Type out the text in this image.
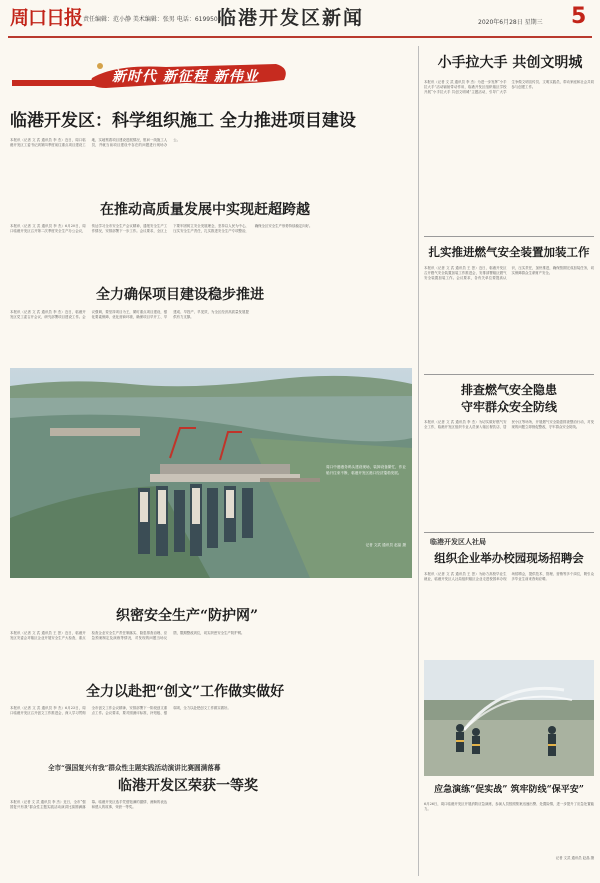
周口日报 责任编辑：范小静 美术编辑：张男 电话：6199503
临港开发区新闻	2020年6月28日 星期三 5
新时代 新征程 新伟业
临港开发区：科学组织施工 全力推进项目建设
本报讯（记者 文 武 通讯员 李 杰）近日，周口临港开发区工委书记到第四季度前往重点项目建设工地，实地察看项目建设进展情况，慰问一线施工人员，并就当前项目建设中存在的问题进行现场办公。
在推动高质量发展中实现赶超跨越
本报讯（记者 文 武 通讯员 李 杰）6月20日，周口临港开发区召开第二次季度安全生产办公会议，传达学习全市安全生产会议精神，通报安全生产工作情况，安排部署下一步工作。会议要求，全区上下要牢固树立安全发展理念，坚持以人民为中心，压实安全生产责任，扎实推进安全生产专项整治，确保全区安全生产形势持续稳定向好。
全力确保项目建设稳步推进
本报讯（记者 文 武 通讯员 李 杰）近日，临港开发区党工委召开会议，研究部署项目建设工作。会议强调，要坚持项目为王，紧盯重点项目建设，强化要素保障，优化营商环境，确保项目早开工、早建成、早投产、早见效，为全区经济高质量发展提供有力支撑。
周口中港港务码头建设现场，装卸设备繁忙，作业船只往来不断，临港开发区港口经济蓬勃发展。
记者 文武 通讯员 赵晶 摄
织密安全生产“防护网”
本报讯（记者 文 武 通讯员 王 荟）近日，临港开发区安委会对辖区企业开展安全生产大检查，重点检查企业安全生产责任制落实、隐患排查治理、应急预案制定及演练等情况，对发现的问题当场反馈，限期整改到位，切实织密安全生产防护网。
全力以赴把“创文”工作做实做好
本报讯（记者 文 武 通讯员 李 杰）6月23日，周口临港开发区召开创文工作推进会，深入学习贯彻全市创文工作会议精神，安排部署下一阶段创文重点工作。会议要求，要对照测评标准，补短板、强弱项，全力以赴把创文工作做实做好。
全市“强国复兴有我”群众性主题实践活动演讲比赛圆满落幕
临港开发区荣获一等奖
本报讯（记者 文 武 通讯员 李 杰）近日，全市“强国复兴有我”群众性主题实践活动演讲比赛圆满落幕。临港开发区选手凭借饱满的激情、流畅的表达和感人的故事，荣获一等奖。
小手拉大手 共创文明城
本报讯（记者 文 武 通讯员 李 杰）为进一步发挥“小手拉大手”活动辐射带动作用，临港开发区组织辖区学校开展“小手拉大手 共创文明城”主题活动，引导广大学生争做文明宣传员、文明实践员，带动家庭和社会共同参与创建工作。
扎实推进燃气安全装置加装工作
本报讯（记者 文 武 通讯员 王 荟）近日，临港开发区召开燃气安全装置加装工作推进会，安排部署辖区燃气安全装置加装工作。会议要求，各有关单位要提高认识，压实责任，加快推进，确保按期完成加装任务，切实保障群众生命财产安全。
排查燃气安全隐患
守牢群众安全防线
本报讯（记者 文 武 通讯员 李 杰）为切实做好燃气安全工作，临港开发区组织专业人员深入辖区餐饮店、居民小区等场所，开展燃气安全隐患排查整治行动，对发现的问题立即督促整改，守牢群众安全防线。
临港开发区人社局
组织企业举办校园现场招聘会
本报讯（记者 文 武 通讯员 王 荟）为助力高校毕业生就业，临港开发区人社局组织辖区企业走进校园举办现场招聘会，提供技术、管理、营销等多个岗位，吸引众多毕业生前来咨询应聘。
应急演练“促实战” 筑牢防线“保平安”
6月26日，周口临港开发区开展消防应急演练，参演人员按照预案迅速出警、处置险情，进一步提升了应急处置能力。
记者 文武 通讯员 赵晶 摄
